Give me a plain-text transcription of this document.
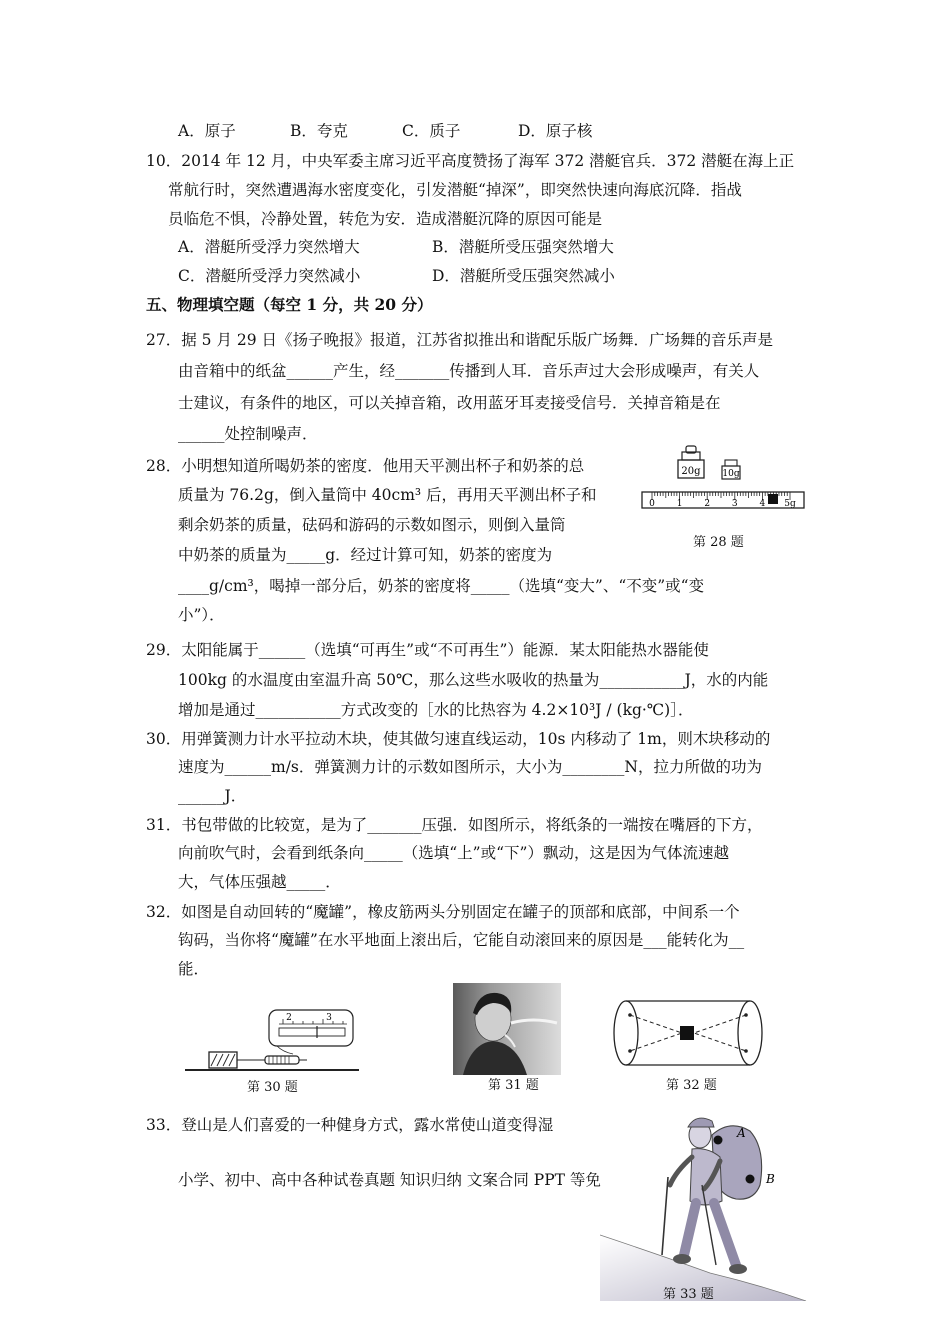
A．原子	B．夸克	C．质子	D．原子核
10．2014 年 12 月，中央军委主席习近平高度赞扬了海军 372 潜艇官兵．372 潜艇在海上正
常航行时，突然遭遇海水密度变化，引发潜艇“掉深”，即突然快速向海底沉降．指战
员临危不惧，冷静处置，转危为安．造成潜艇沉降的原因可能是
A．潜艇所受浮力突然增大	B．潜艇所受压强突然增大
C．潜艇所受浮力突然减小	D．潜艇所受压强突然减小
五、物理填空题（每空 1 分，共 20 分）
27．据 5 月 29 日《扬子晚报》报道，江苏省拟推出和谐配乐版广场舞．广场舞的音乐声是
由音箱中的纸盆______产生，经_______传播到人耳．音乐声过大会形成噪声，有关人
士建议，有条件的地区，可以关掉音箱，改用蓝牙耳麦接受信号．关掉音箱是在
______处控制噪声．
28．小明想知道所喝奶茶的密度．他用天平测出杯子和奶茶的总
质量为 76.2g，倒入量筒中 40cm³ 后，再用天平测出杯子和
剩余奶茶的质量，砝码和游码的示数如图示，则倒入量筒
中奶茶的质量为_____g．经过计算可知，奶茶的密度为
____g/cm³，喝掉一部分后，奶茶的密度将_____（选填“变大”、“不变”或“变
小”）．
20g 10g
0 1 2 3 4 5g
第 28 题
29．太阳能属于______（选填“可再生”或“不可再生”）能源．某太阳能热水器能使
100kg 的水温度由室温升高 50℃，那么这些水吸收的热量为___________J，水的内能
增加是通过___________方式改变的［水的比热容为 4.2×10³J / (kg·℃)］．
30．用弹簧测力计水平拉动木块，使其做匀速直线运动，10s 内移动了 1m，则木块移动的
速度为______m/s．弹簧测力计的示数如图所示，大小为________N，拉力所做的功为
______J．
31．书包带做的比较宽，是为了_______压强．如图所示，将纸条的一端按在嘴唇的下方，
向前吹气时，会看到纸条向_____（选填“上”或“下”）飘动，这是因为气体流速越
大，气体压强越_____．
32．如图是自动回转的“魔罐”，橡皮筋两头分别固定在罐子的顶部和底部，中间系一个
钩码，当你将“魔罐”在水平地面上滚出后，它能自动滚回来的原因是___能转化为__
能．
2	3
第 30 题	第 31 题	第 32 题
33．登山是人们喜爱的一种健身方式，露水常使山道变得湿
小学、初中、高中各种试卷真题 知识归纳 文案合同 PPT 等免
A
B
第 33 题
